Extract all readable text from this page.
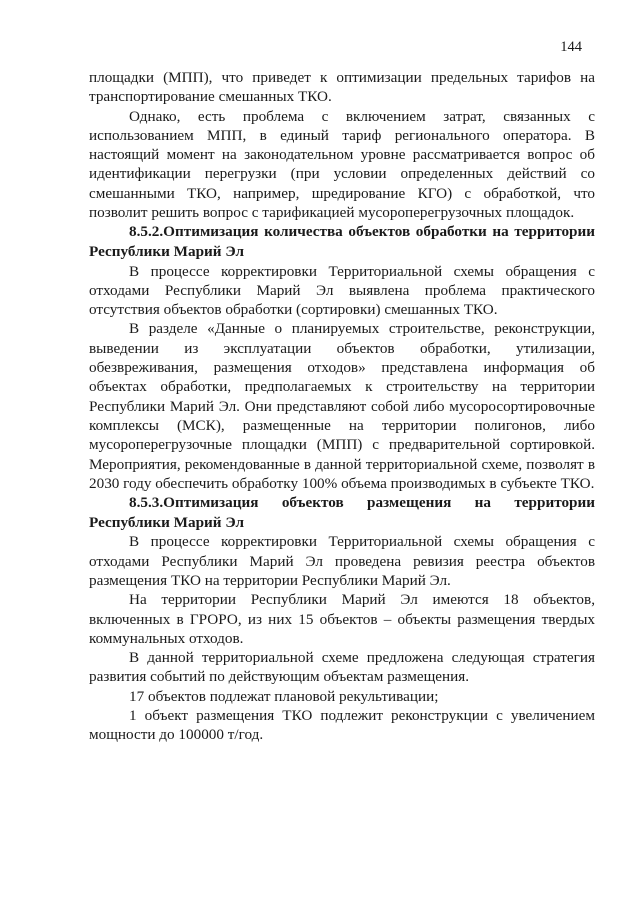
144

площадки (МПП), что приведет к оптимизации предельных тарифов на транспортирование смешанных ТКО.

Однако, есть проблема с включением затрат, связанных с использованием МПП, в единый тариф регионального оператора. В настоящий момент на законодательном уровне рассматривается вопрос об идентификации перегрузки (при условии определенных действий со смешанными ТКО, например, шредирование КГО) с обработкой, что позволит решить вопрос с тарификацией мусороперегрузочных площадок.

8.5.2.Оптимизация количества объектов обработки на территории Республики Марий Эл

В процессе корректировки Территориальной схемы обращения с отходами Республики Марий Эл выявлена проблема практического отсутствия объектов обработки (сортировки) смешанных ТКО.

В разделе «Данные о планируемых строительстве, реконструкции, выведении из эксплуатации объектов обработки, утилизации, обезвреживания, размещения отходов» представлена информация об объектах обработки, предполагаемых к строительству на территории Республики Марий Эл. Они представляют собой либо мусоросортировочные комплексы (МСК), размещенные на территории полигонов, либо мусороперегрузочные площадки (МПП) с предварительной сортировкой. Мероприятия, рекомендованные в данной территориальной схеме, позволят в 2030 году обеспечить обработку 100% объема производимых в субъекте ТКО.

8.5.3.Оптимизация объектов размещения на территории Республики Марий Эл

В процессе корректировки Территориальной схемы обращения с отходами Республики Марий Эл проведена ревизия реестра объектов размещения ТКО на территории Республики Марий Эл.

На территории Республики Марий Эл имеются 18 объектов, включенных в ГРОРО, из них 15 объектов – объекты размещения твердых коммунальных отходов.

В данной территориальной схеме предложена следующая стратегия развития событий по действующим объектам размещения.

17 объектов подлежат плановой рекультивации;

1 объект размещения ТКО подлежит реконструкции с увеличением мощности до 100000 т/год.
